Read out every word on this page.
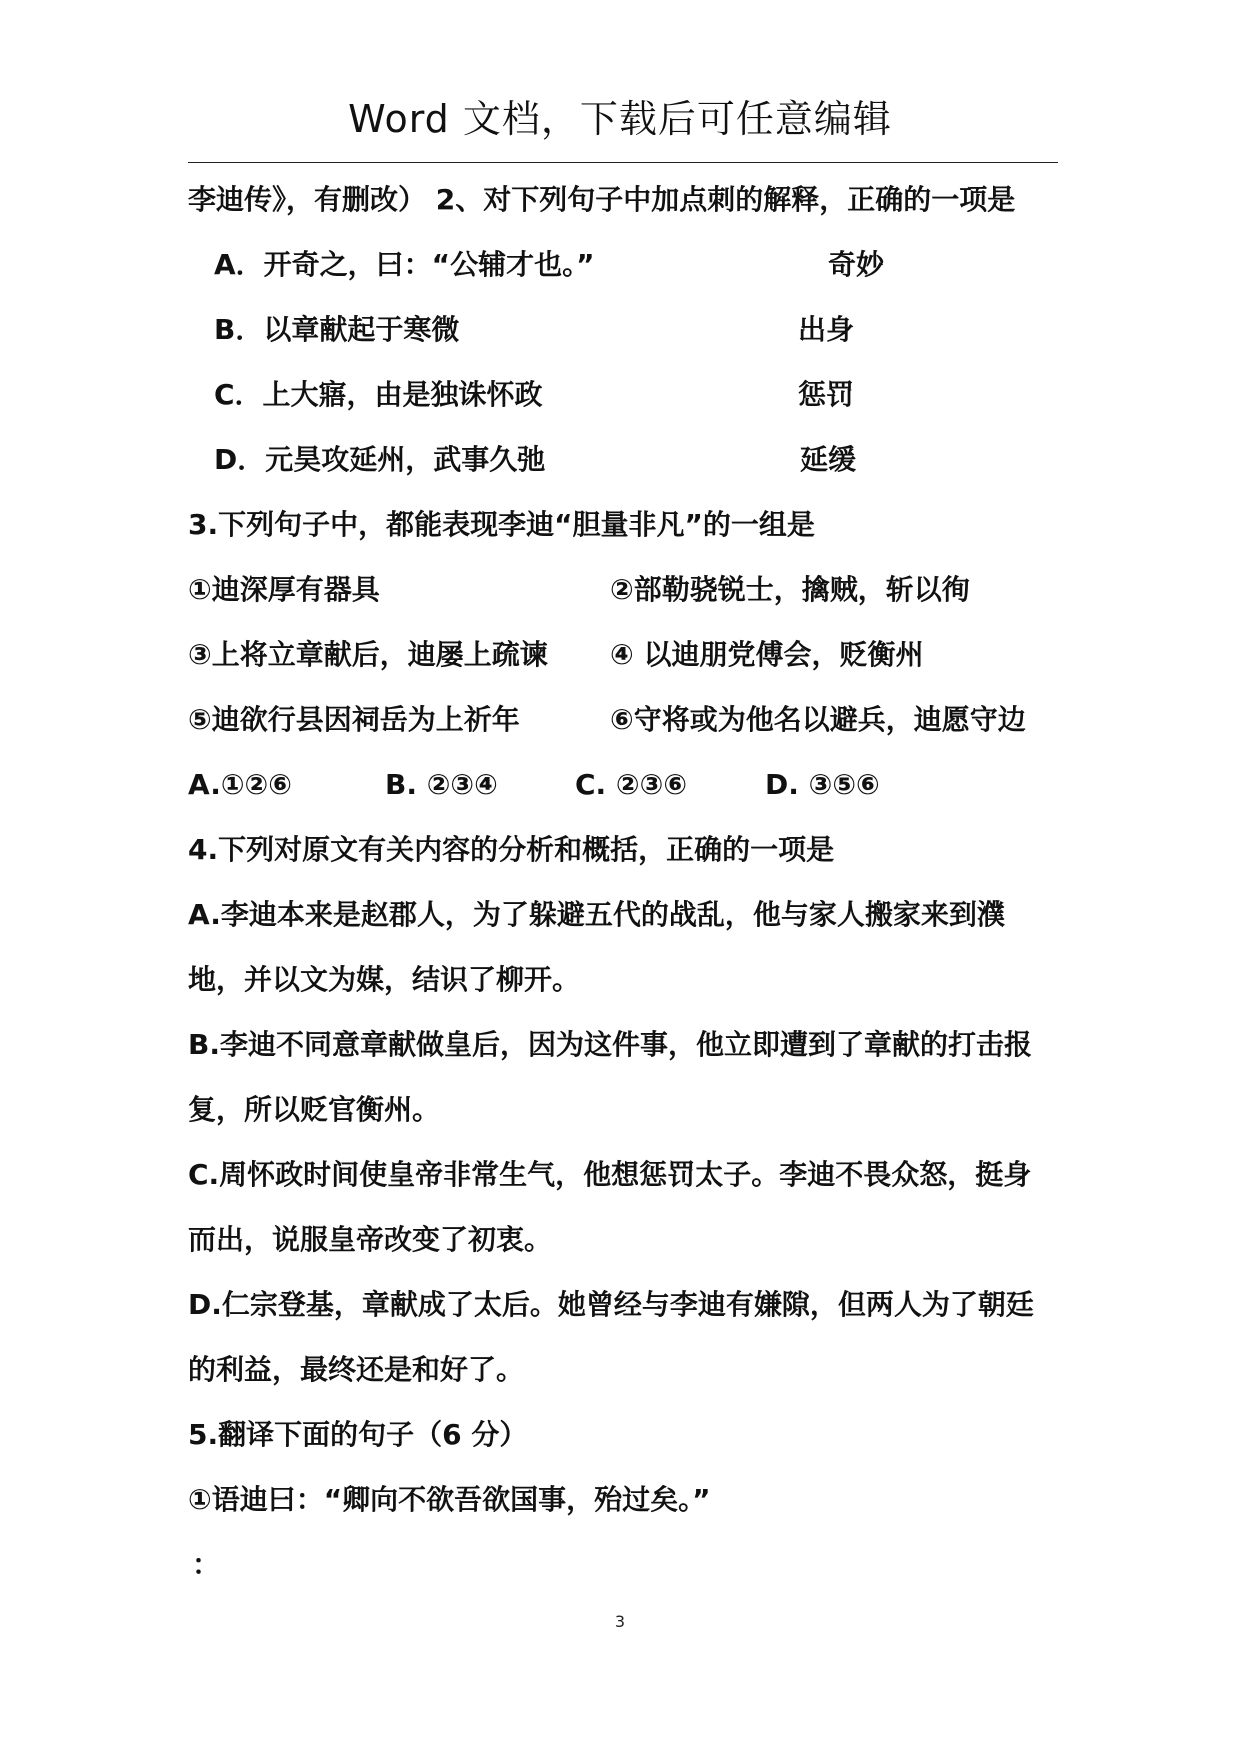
Word 文档，下载后可任意编辑
李迪传》，有删改） 2、对下列句子中加点刺的解释，正确的一项是
A．开奇之，曰：“公辅才也。”	奇妙
B．以章献起于寒微	出身
C．上大寤，由是独诛怀政	惩罚
D．元昊攻延州，武事久弛	延缓
3.下列句子中，都能表现李迪“胆量非凡”的一组是
①迪深厚有器具	②部勒骁锐士，擒贼，斩以徇
③上将立章献后，迪屡上疏谏 ④ 以迪朋党傅会，贬衡州
⑤迪欲行县因祠岳为上祈年	⑥守将或为他名以避兵，迪愿守边
A.①②⑥	B. ②③④	C. ②③⑥	D. ③⑤⑥
4.下列对原文有关内容的分析和概括，正确的一项是
A.李迪本来是赵郡人，为了躲避五代的战乱，他与家人搬家来到濮
地，并以文为媒，结识了柳开。
B.李迪不同意章献做皇后，因为这件事，他立即遭到了章献的打击报
复，所以贬官衡州。
C.周怀政时间使皇帝非常生气，他想惩罚太子。李迪不畏众怒，挺身
而出，说服皇帝改变了初衷。
D.仁宗登基，章献成了太后。她曾经与李迪有嫌隙，但两人为了朝廷
的利益，最终还是和好了。
5.翻译下面的句子（6 分）
①语迪曰：“卿向不欲吾欲国事，殆过矣。”
：
3
